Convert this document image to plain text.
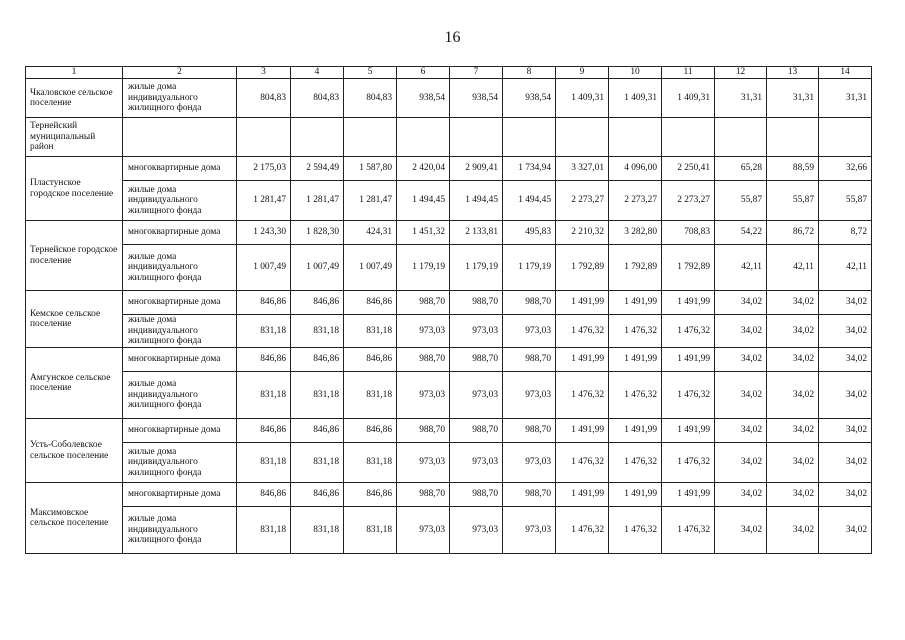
16
1	2	3	4	5	6	7	8	9	10	11	12	13	14
Чкаловское сельское поселение	жилые дома индивидуального жилищного фонда	804,83	804,83	804,83	938,54	938,54	938,54	1 409,31	1 409,31	1 409,31	31,31	31,31	31,31
Тернейский муниципальный район													
Пластунское городское поселение	многоквартирные дома	2 175,03	2 594,49	1 587,80	2 420,04	2 909,41	1 734,94	3 327,01	4 096,00	2 250,41	65,28	88,59	32,66
	жилые дома индивидуального жилищного фонда	1 281,47	1 281,47	1 281,47	1 494,45	1 494,45	1 494,45	2 273,27	2 273,27	2 273,27	55,87	55,87	55,87
Тернейское городское поселение	многоквартирные дома	1 243,30	1 828,30	424,31	1 451,32	2 133,81	495,83	2 210,32	3 282,80	708,83	54,22	86,72	8,72
	жилые дома индивидуального жилищного фонда	1 007,49	1 007,49	1 007,49	1 179,19	1 179,19	1 179,19	1 792,89	1 792,89	1 792,89	42,11	42,11	42,11
Кемское сельское поселение	многоквартирные дома	846,86	846,86	846,86	988,70	988,70	988,70	1 491,99	1 491,99	1 491,99	34,02	34,02	34,02
	жилые дома индивидуального жилищного фонда	831,18	831,18	831,18	973,03	973,03	973,03	1 476,32	1 476,32	1 476,32	34,02	34,02	34,02
Амгунское сельское поселение	многоквартирные дома	846,86	846,86	846,86	988,70	988,70	988,70	1 491,99	1 491,99	1 491,99	34,02	34,02	34,02
	жилые дома индивидуального жилищного фонда	831,18	831,18	831,18	973,03	973,03	973,03	1 476,32	1 476,32	1 476,32	34,02	34,02	34,02
Усть-Соболевское сельское поселение	многоквартирные дома	846,86	846,86	846,86	988,70	988,70	988,70	1 491,99	1 491,99	1 491,99	34,02	34,02	34,02
	жилые дома индивидуального жилищного фонда	831,18	831,18	831,18	973,03	973,03	973,03	1 476,32	1 476,32	1 476,32	34,02	34,02	34,02
Максимовское сельское поселение	многоквартирные дома	846,86	846,86	846,86	988,70	988,70	988,70	1 491,99	1 491,99	1 491,99	34,02	34,02	34,02
	жилые дома индивидуального жилищного фонда	831,18	831,18	831,18	973,03	973,03	973,03	1 476,32	1 476,32	1 476,32	34,02	34,02	34,02
